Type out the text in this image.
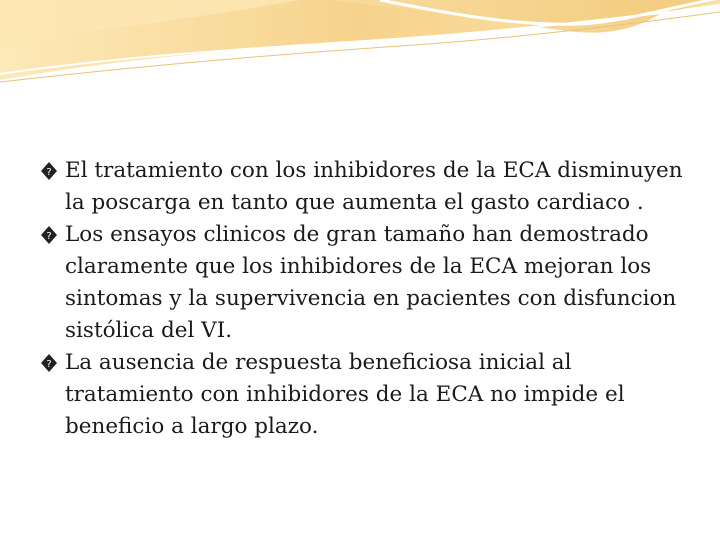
? El tratamiento con los inhibidores de la ECA disminuyen la poscarga en tanto que aumenta el gasto cardiaco .
? Los ensayos clinicos de gran tamaño han demostrado claramente que los inhibidores de la ECA mejoran los sintomas y la supervivencia en pacientes con disfuncion sistólica del VI.
? La ausencia de respuesta beneficiosa inicial al tratamiento con inhibidores de la ECA no impide el beneficio a largo plazo.
